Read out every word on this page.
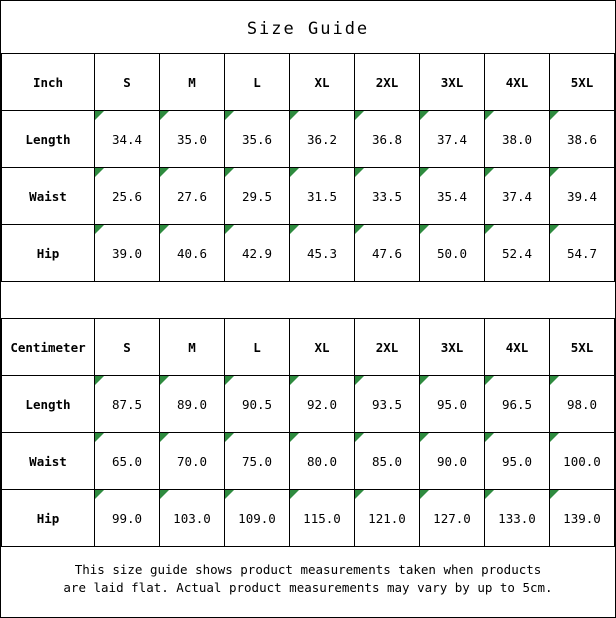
Size Guide
Inch	S	M	L	XL	2XL	3XL	4XL	5XL
Length	34.4	35.0	35.6	36.2	36.8	37.4	38.0	38.6
Waist	25.6	27.6	29.5	31.5	33.5	35.4	37.4	39.4
Hip	39.0	40.6	42.9	45.3	47.6	50.0	52.4	54.7
Centimeter	S	M	L	XL	2XL	3XL	4XL	5XL
Length	87.5	89.0	90.5	92.0	93.5	95.0	96.5	98.0
Waist	65.0	70.0	75.0	80.0	85.0	90.0	95.0	100.0
Hip	99.0	103.0	109.0	115.0	121.0	127.0	133.0	139.0
This size guide shows product measurements taken when products
are laid flat. Actual product measurements may vary by up to 5cm.
